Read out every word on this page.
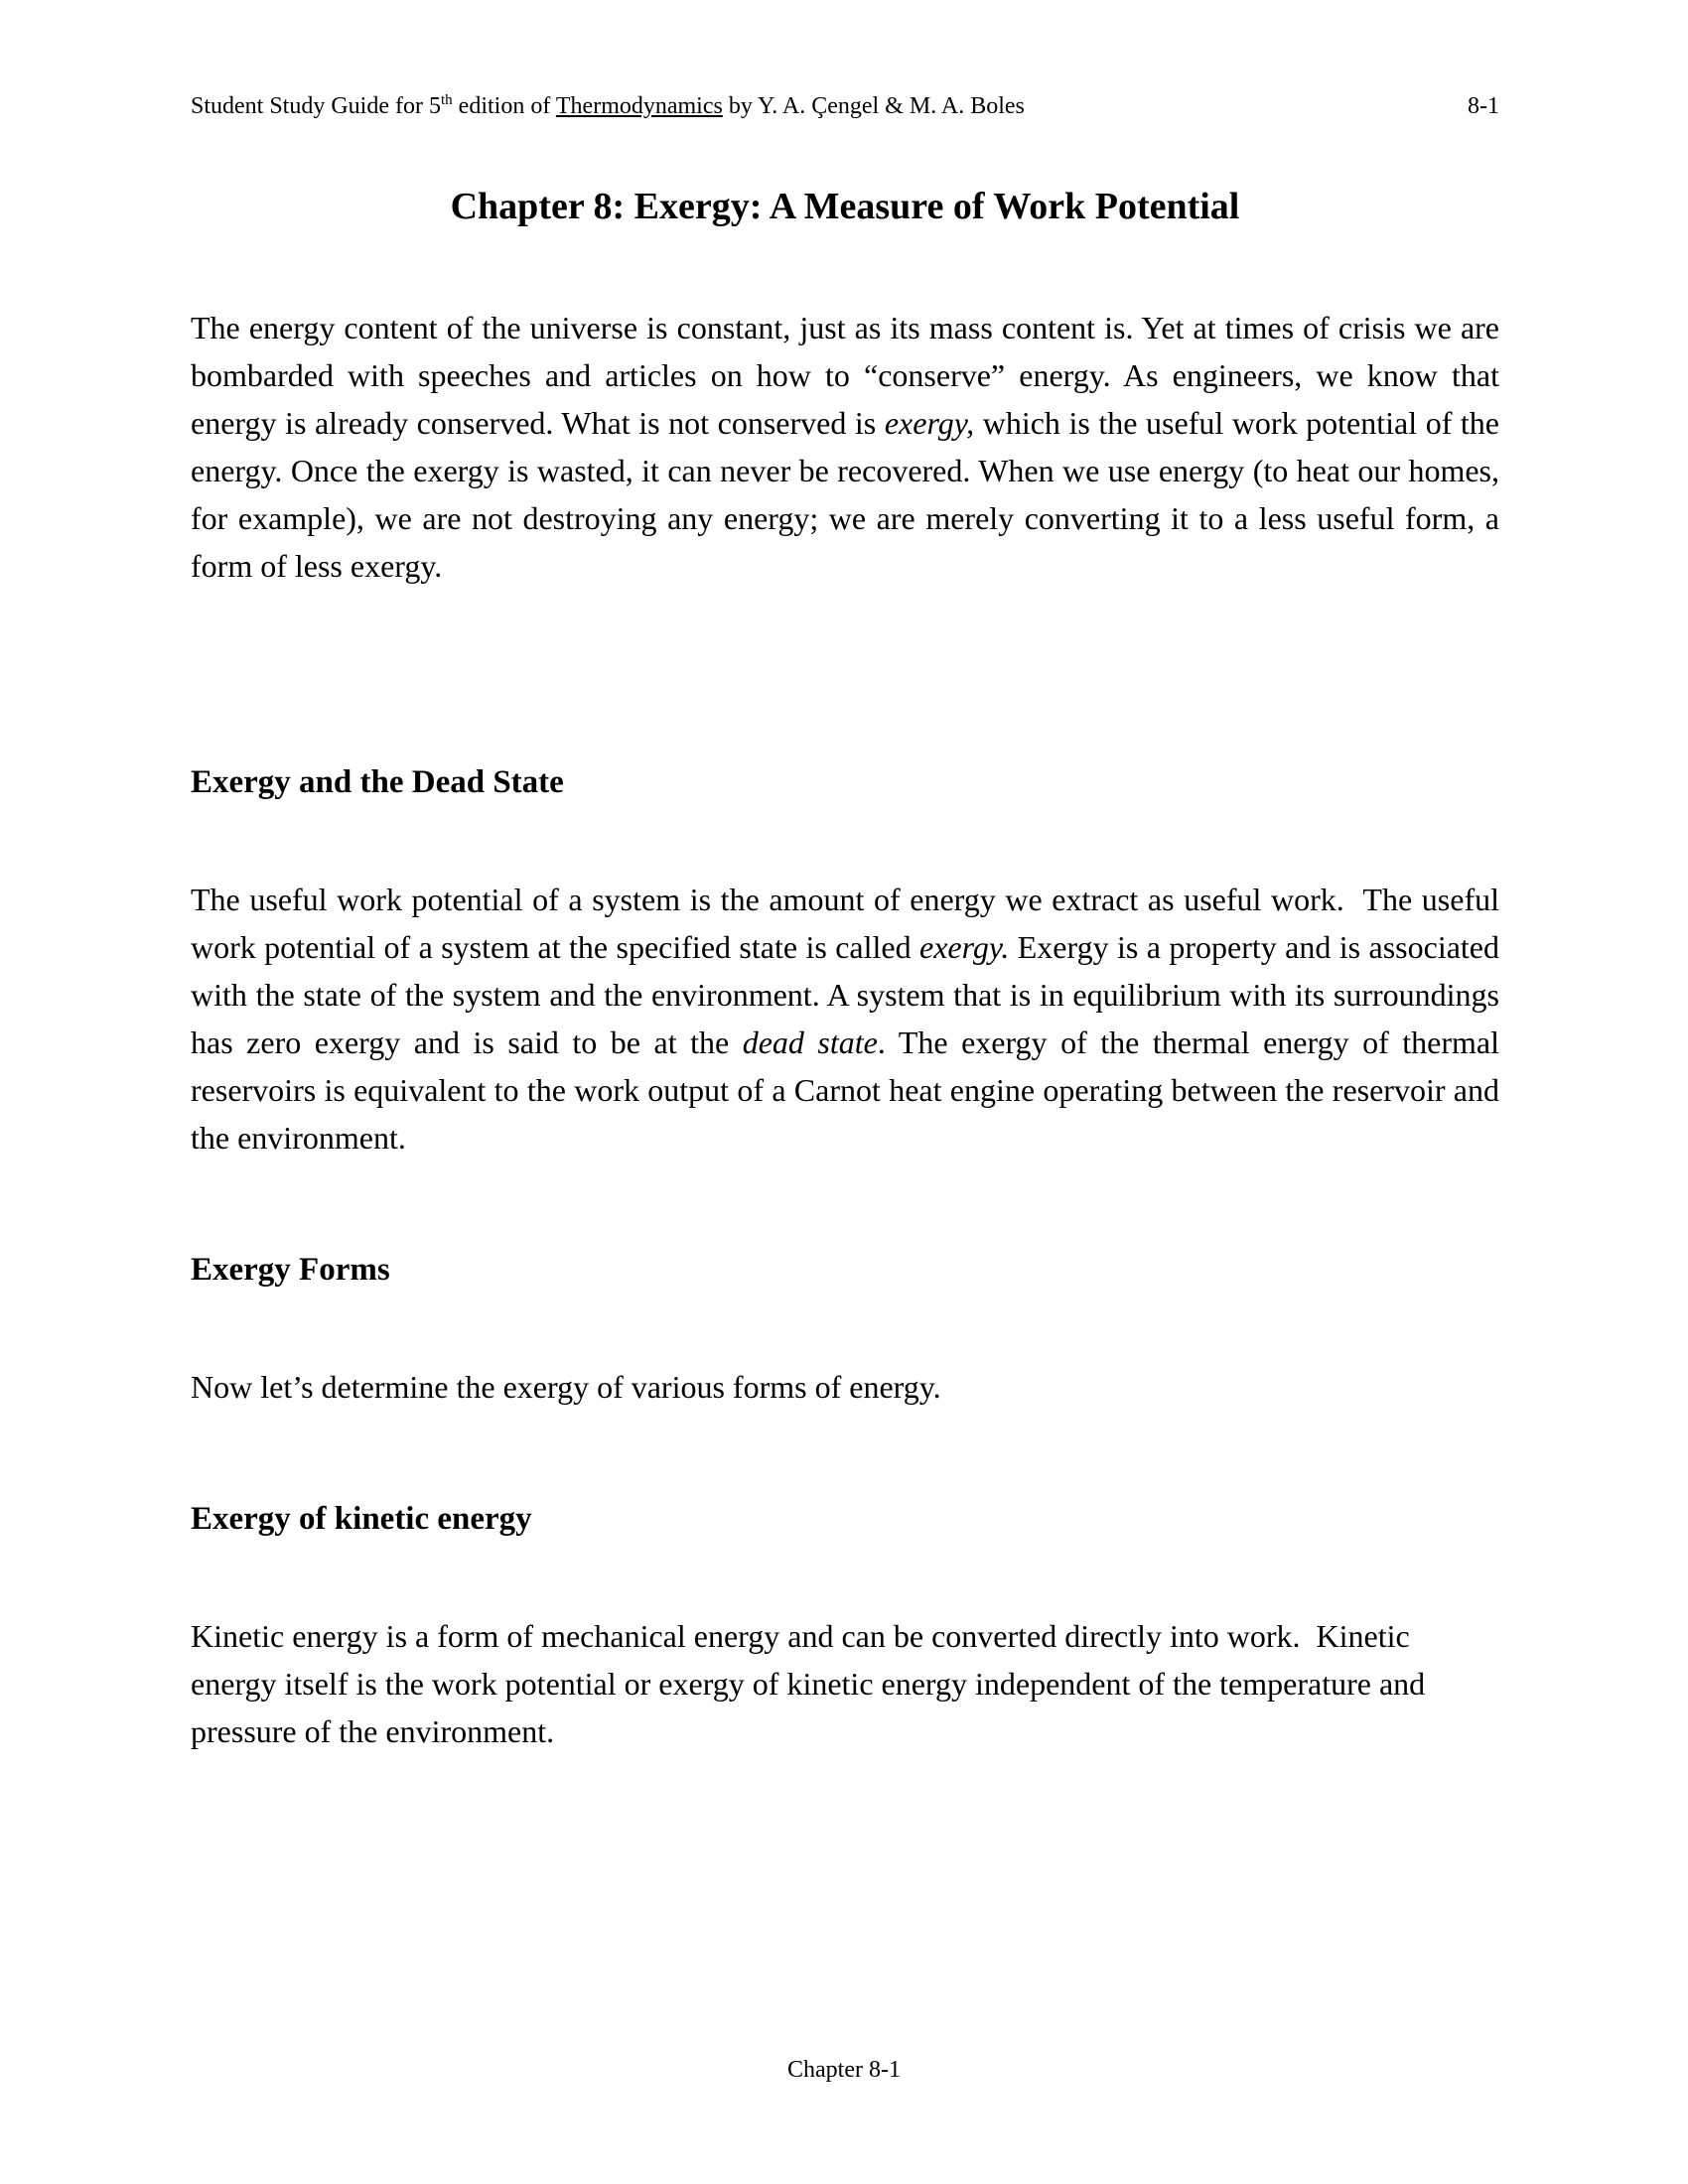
Student Study Guide for 5th edition of Thermodynamics by Y. A. Çengel & M. A. Boles	8-1
Chapter 8: Exergy: A Measure of Work Potential

The energy content of the universe is constant, just as its mass content is. Yet at times of crisis we are bombarded with speeches and articles on how to “conserve” energy. As engineers, we know that energy is already conserved. What is not conserved is exergy, which is the useful work potential of the energy. Once the exergy is wasted, it can never be recovered. When we use energy (to heat our homes, for example), we are not destroying any energy; we are merely converting it to a less useful form, a form of less exergy.

Exergy and the Dead State

The useful work potential of a system is the amount of energy we extract as useful work.  The useful work potential of a system at the specified state is called exergy. Exergy is a property and is associated with the state of the system and the environment. A system that is in equilibrium with its surroundings has zero exergy and is said to be at the dead state. The exergy of the thermal energy of thermal reservoirs is equivalent to the work output of a Carnot heat engine operating between the reservoir and the environment.

Exergy Forms

Now let’s determine the exergy of various forms of energy.

Exergy of kinetic energy

Kinetic energy is a form of mechanical energy and can be converted directly into work.  Kinetic energy itself is the work potential or exergy of kinetic energy independent of the temperature and pressure of the environment.

Chapter 8-1
